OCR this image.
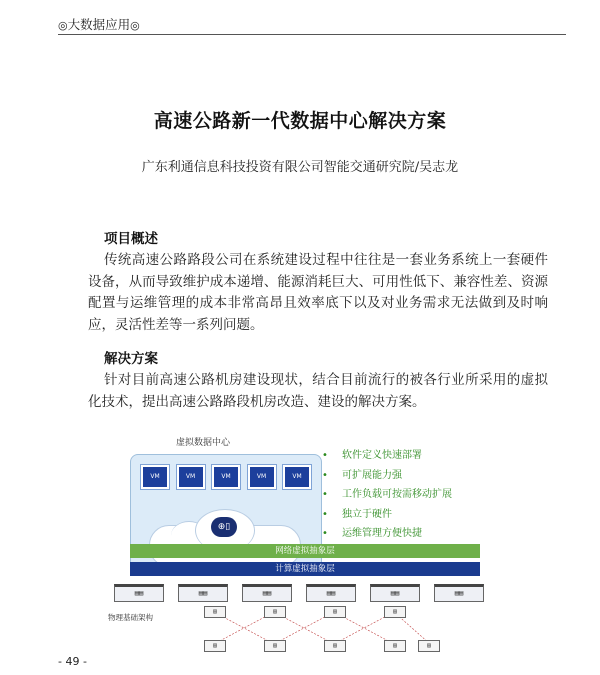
◎大数据应用◎
高速公路新一代数据中心解决方案
广东利通信息科技投资有限公司智能交通研究院/吴志龙
项目概述

传统高速公路路段公司在系统建设过程中往往是一套业务系统上一套硬件设备，从而导致维护成本递增、能源消耗巨大、可用性低下、兼容性差、资源配置与运维管理的成本非常高昂且效率底下以及对业务需求无法做到及时响应，灵活性差等一系列问题。

解决方案

针对目前高速公路机房建设现状，结合目前流行的被各行业所采用的虚拟化技术，提出高速公路路段机房改造、建设的解决方案。

虚拟数据中心
VM	VM	VM	VM	VM
⊕▯
• 软件定义快速部署
• 可扩展能力强
• 工作负载可按需移动扩展
• 独立于硬件
• 运维管理方便快捷
网络虚拟抽象层
计算虚拟抽象层
▤▤	▤▤	▤▤	▤▤	▤▤	▤▤
物理基础架构
▤	▤	▤	▤
▤	▤	▤	▤	▤
- 49 -
